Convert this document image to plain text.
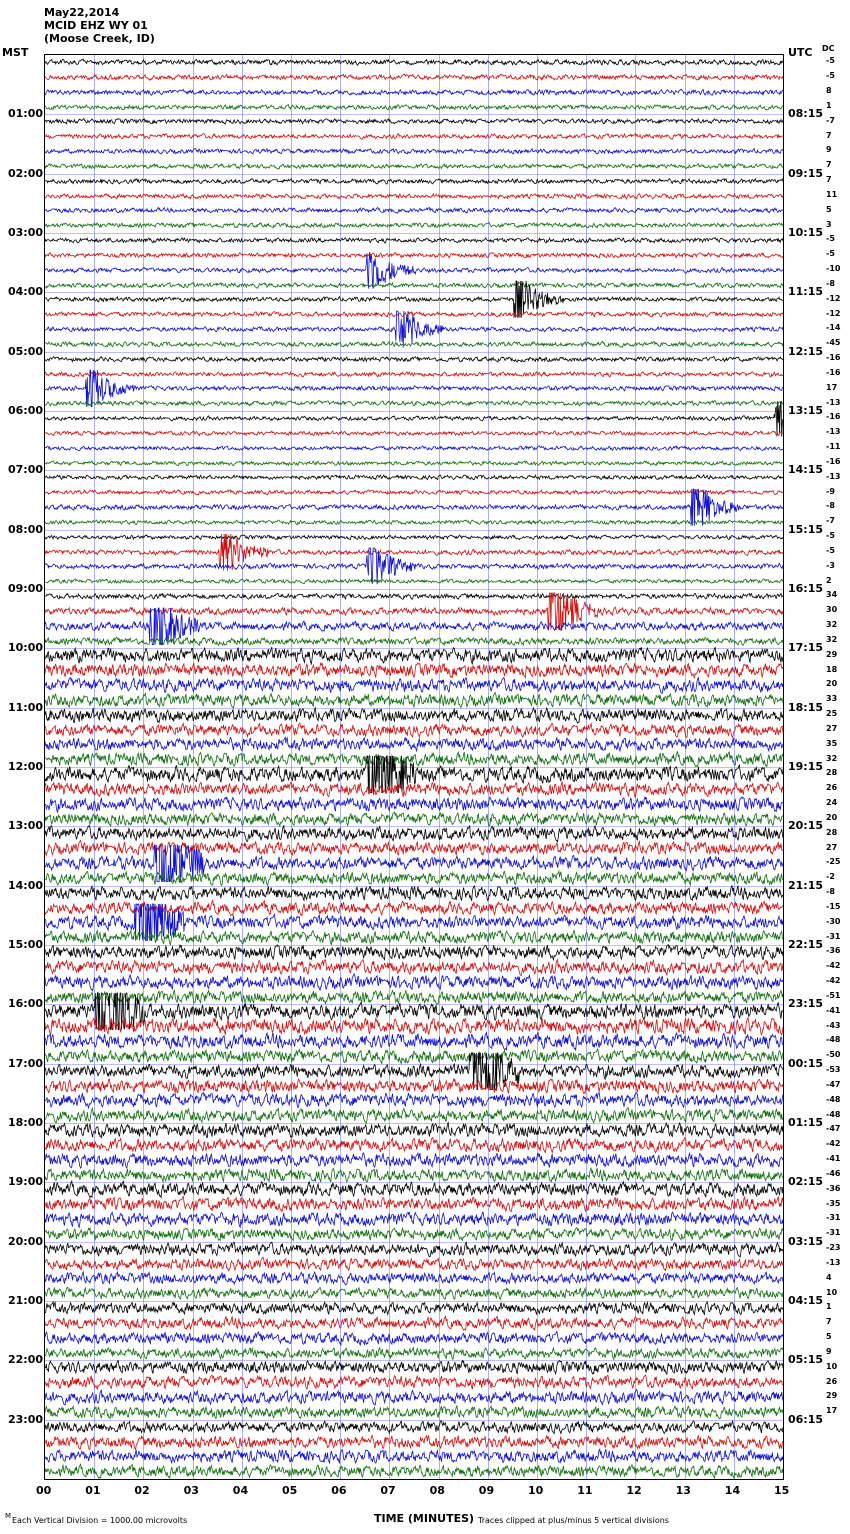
May22,2014
MCID EHZ WY 01
(Moose Creek, ID)
MST	UTC DC
01:00	08:15
02:00	09:15
03:00	10:15
04:00	11:15
05:00	12:15
06:00	13:15
07:00	14:15
08:00	15:15
09:00	16:15
10:00	17:15
11:00	18:15
12:00	19:15
13:00	20:15
14:00	21:15
15:00	22:15
16:00	23:15
17:00	00:15
18:00	01:15
19:00	02:15
20:00	03:15
21:00	04:15
22:00	05:15
23:00	06:15
-5
-5
8
1
-7
7
9
7
7
11
5
3
-5
-5
-10
-8
-12
-12
-14
-45
-16
-16
17
-13
-16
-13
-11
-16
-13
-9
-8
-7
-5
-5
-3
2
34
30
32
32
29
18
20
33
25
27
35
32
28
26
24
20
28
27
-25
-2
-8
-15
-30
-31
-36
-42
-42
-51
-41
-43
-48
-50
-53
-47
-48
-48
-47
-42
-41
-46
-36
-35
-31
-31
-23
-13
4
10
1
7
5
9
10
26
29
17
00	01	02	03	04	05	06	07	08	09	10	11	12	13	14	15
M Each Vertical Division = 1000.00 microvolts	TIME (MINUTES) Traces clipped at plus/minus 5 vertical divisions
